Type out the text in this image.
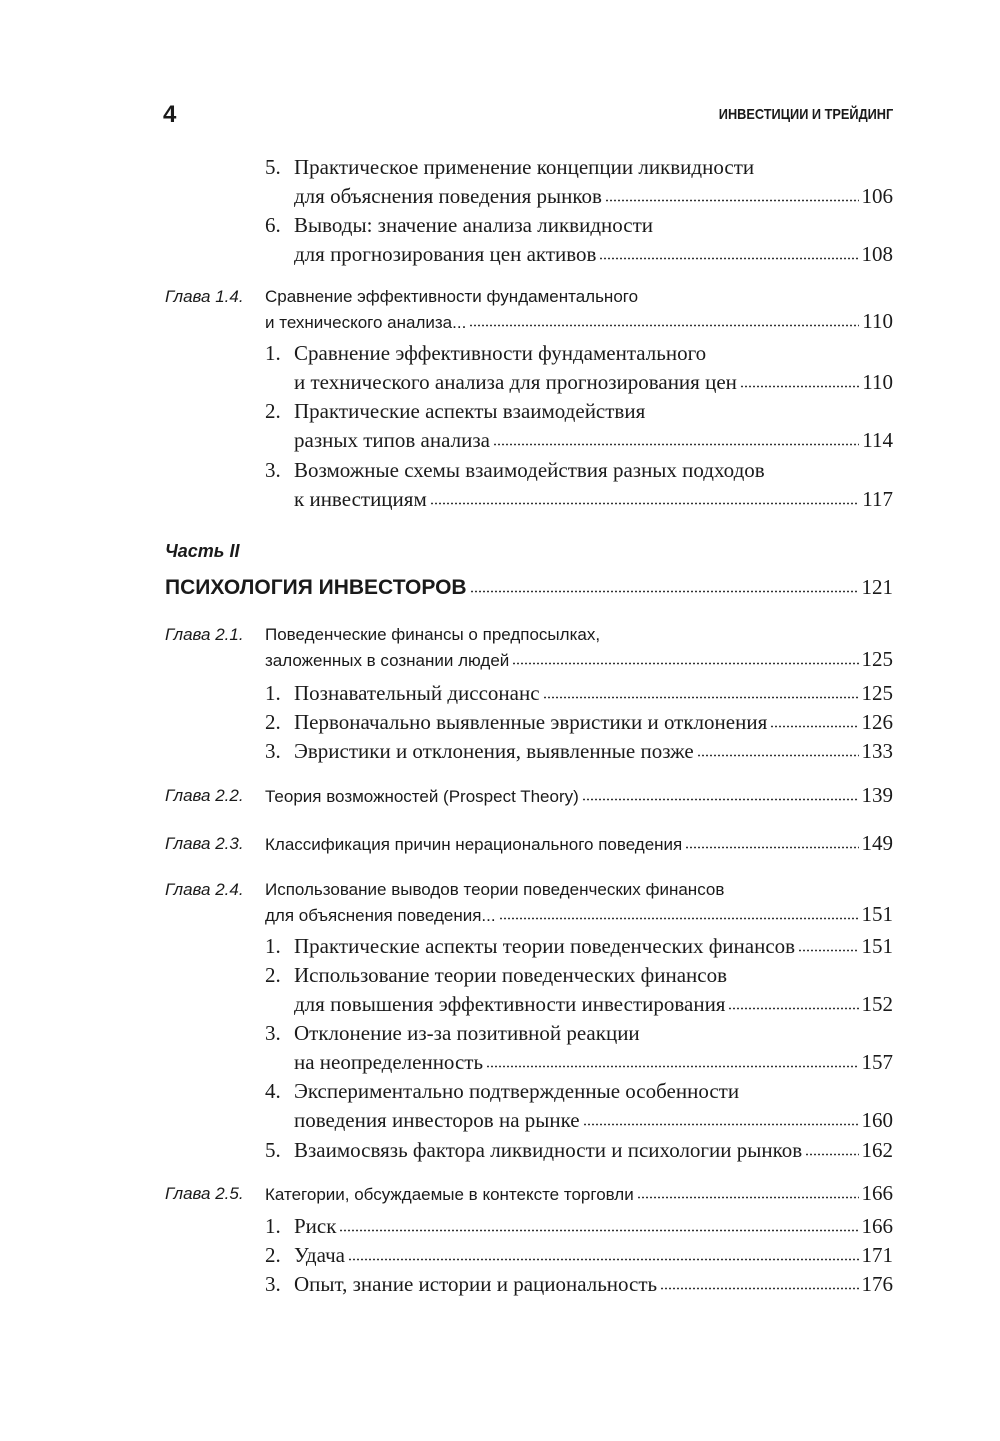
4	ИНВЕСТИЦИИ И ТРЕЙДИНГ
5. Практическое применение концепции ликвидности
для объяснения поведения рынков	106
6. Выводы: значение анализа ликвидности
для прогнозирования цен активов	108
Глава 1.4. Сравнение эффективности фундаментального
и технического анализа...	110
1. Сравнение эффективности фундаментального
и технического анализа для прогнозирования цен	110
2. Практические аспекты взаимодействия
разных типов анализа	114
3. Возможные схемы взаимодействия разных подходов
к инвестициям	117
Часть II
ПСИХОЛОГИЯ ИНВЕСТОРОВ	121
Глава 2.1. Поведенческие финансы о предпосылках,
заложенных в сознании людей	125
1. Познавательный диссонанс	125
2. Первоначально выявленные эвристики и отклонения	126
3. Эвристики и отклонения, выявленные позже	133
Глава 2.2. Теория возможностей (Prospect Theory)	139
Глава 2.3. Классификация причин нерационального поведения	149
Глава 2.4. Использование выводов теории поведенческих финансов
для объяснения поведения...	151
1. Практические аспекты теории поведенческих финансов	151
2. Использование теории поведенческих финансов
для повышения эффективности инвестирования	152
3. Отклонение из-за позитивной реакции
на неопределенность	157
4. Экспериментально подтвержденные особенности
поведения инвесторов на рынке	160
5. Взаимосвязь фактора ликвидности и психологии рынков	162
Глава 2.5. Категории, обсуждаемые в контексте торговли	166
1. Риск	166
2. Удача	171
3. Опыт, знание истории и рациональность	176
